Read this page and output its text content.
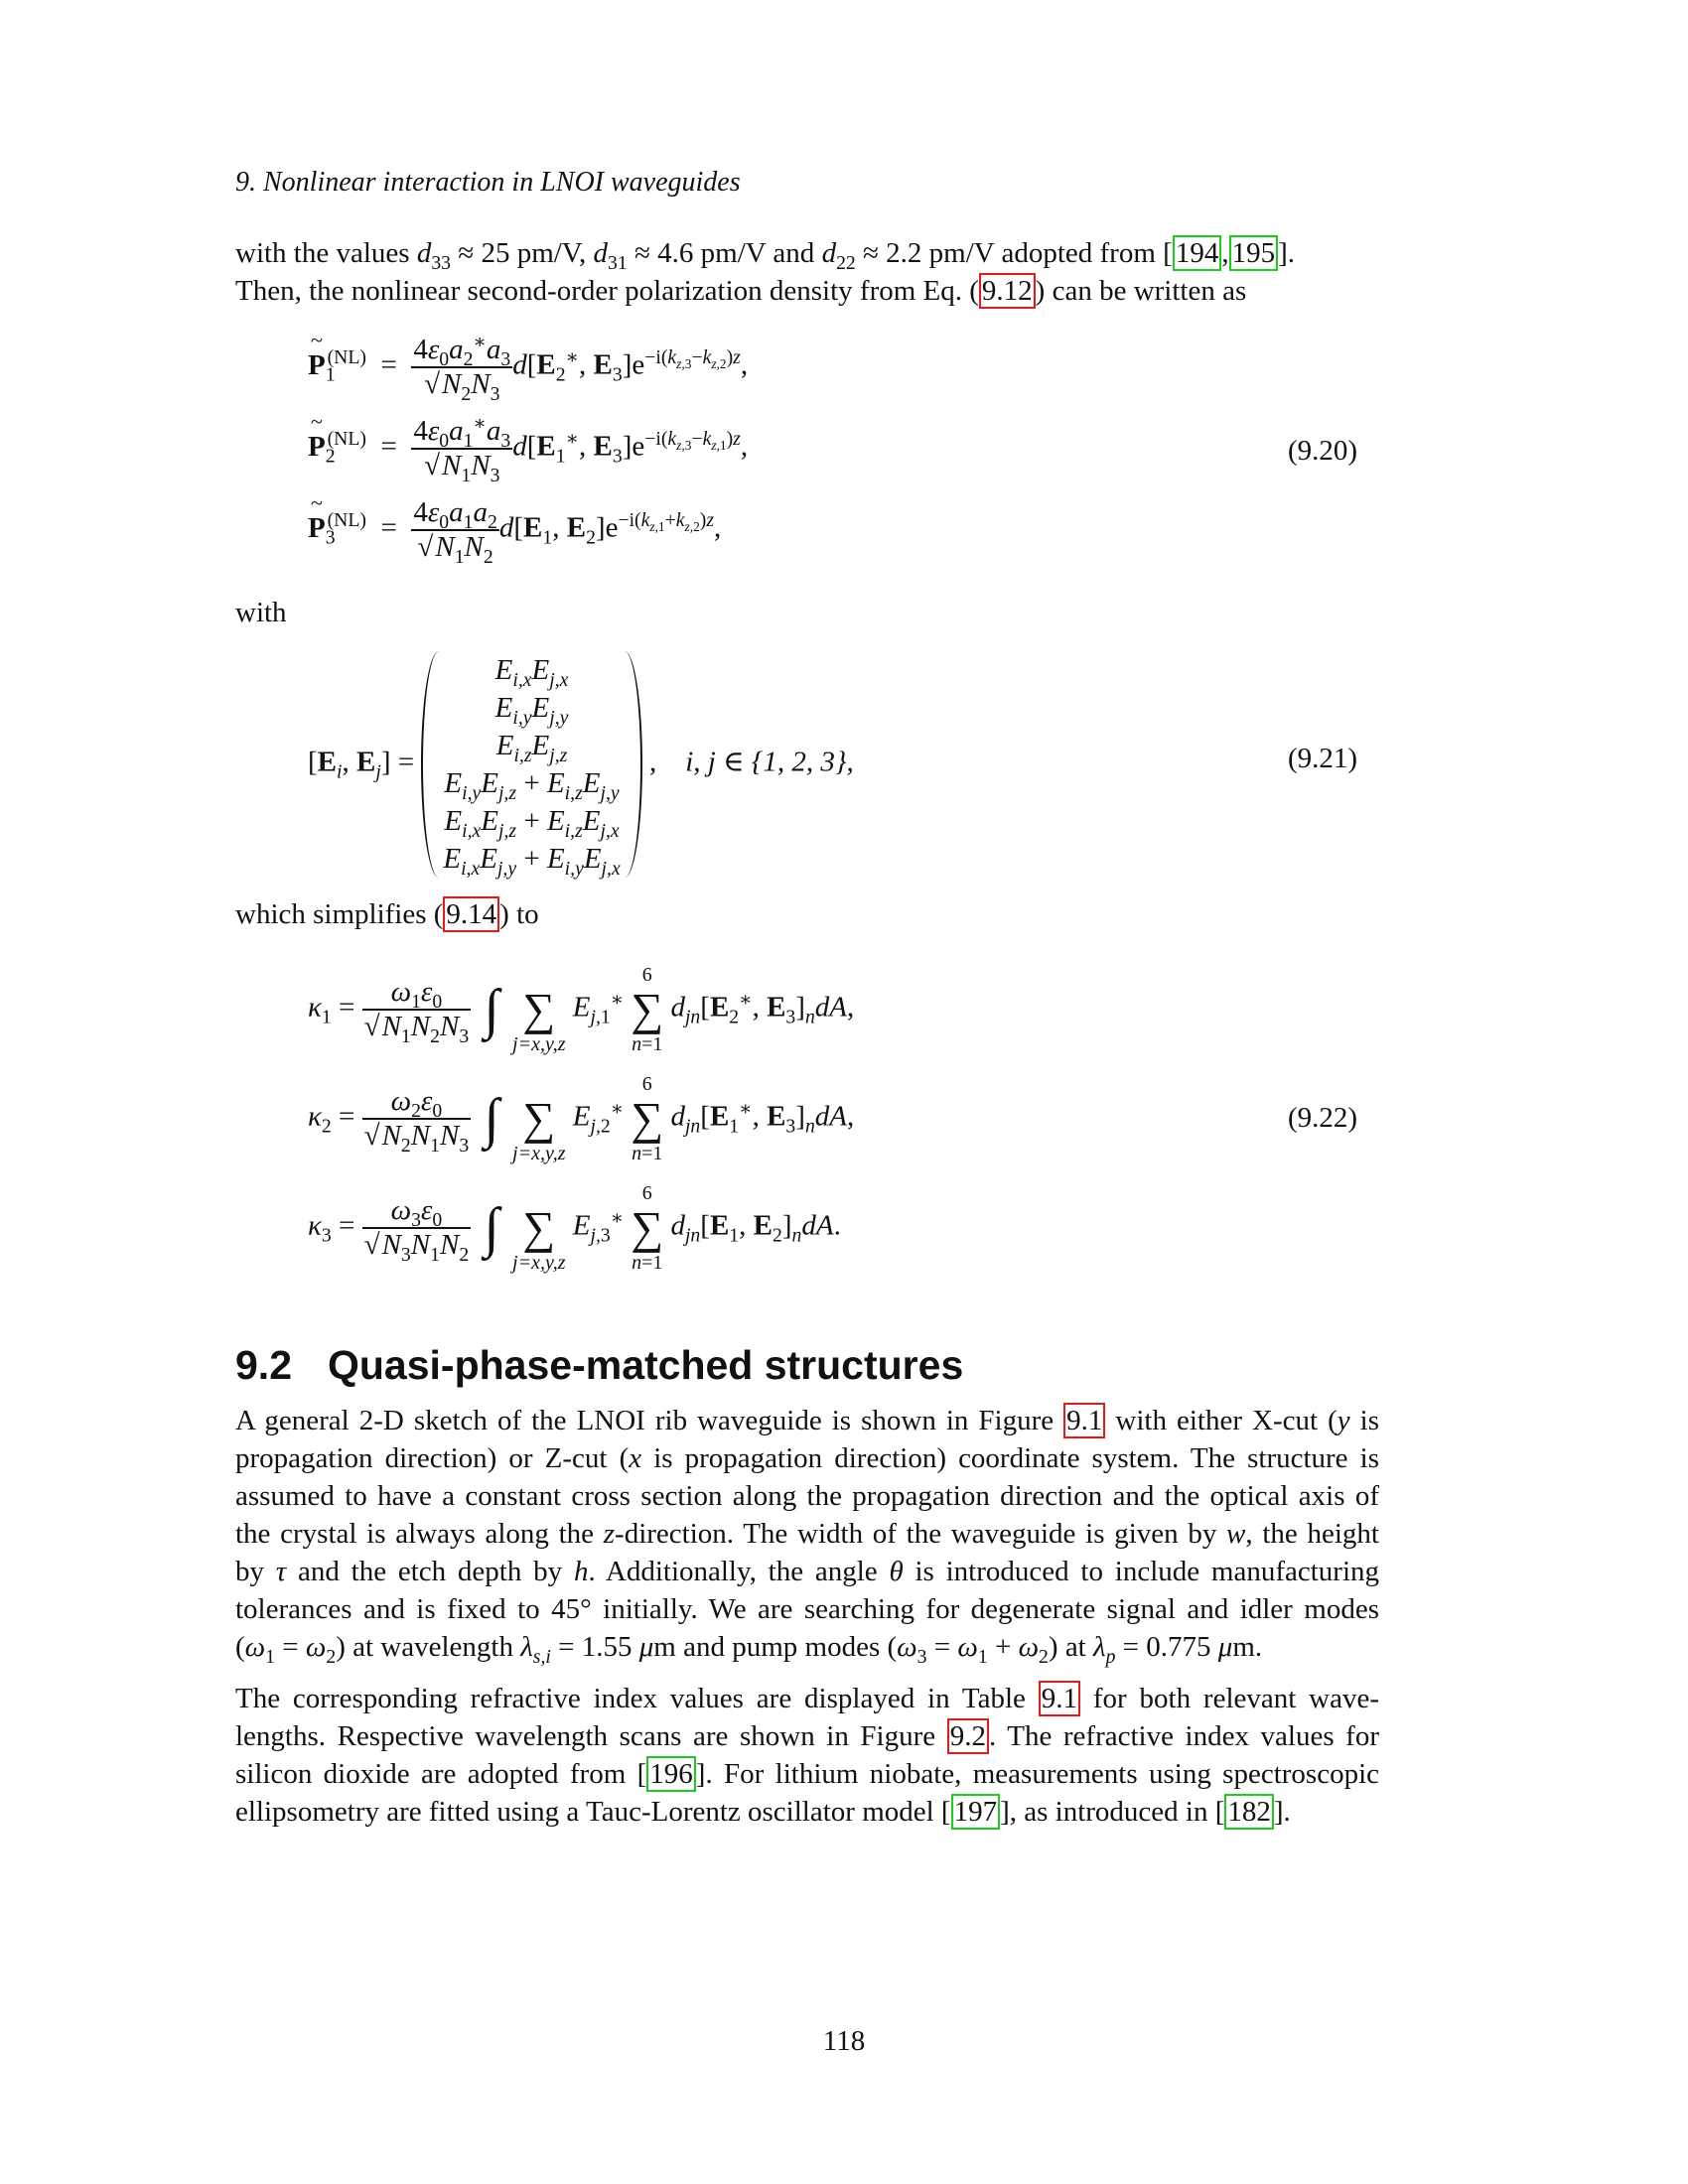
9. Nonlinear interaction in LNOI waveguides
with the values $d_{33} \approx 25$ pm/V, $d_{31} \approx 4.6$ pm/V and $d_{22} \approx 2.2$ pm/V adopted from [ 194 , 195 ].
Then, the nonlinear second-order polarization density from Eq. ( 9.12 ) can be written as
~ $P_1^{(NL)} = \frac{4\varepsilon_0a_2^∗a_3}{√N_2N_3} d[E_2^∗$, $E_3]e^{-i(k_{z,3}-k_{z,2})z}$,
~ $P_2^{(NL)} = \frac{4\varepsilon_0a_1^∗a_3}{√N_1N_3} d[E_1^∗$, $E_3]e^{-i(k_{z,3}-k_{z,1})z}$,
~ $P_3^{(NL)} = \frac{4\varepsilon_0a_1a_2}{√N_1N_2} d[E_1$, $E_2]e^{-i(k_{z,1}+k_{z,2})z}$,
(9.20)
with
[$E_i$, $E_j$] =
$E_{i,x}E_{j,x}$
$E_{i,y}E_{j,y}$
$E_{i,z}E_{j,z}$
$E_{i,y}E_{j,z} + E_{i,z}E_{j,y}$
$E_{i,x}E_{j,z} + E_{i,z}E_{j,x}$
$E_{i,x}E_{j,y} + E_{i,y}E_{j,x}$
,    i, j ∈ {1, 2, 3},	(9.21)
which simplifies ( 9.14 ) to
$\kappa_1 = \frac{\omega_1\varepsilon_0}{√N_1N_2N_3}$ ∫
∑
j=x,y,z
$E_{j,1}^∗$
6
∑
n=1
$d_{jn}[E_2^∗$, $E_3]_ndA$,
$\kappa_2 = \frac{\omega_2\varepsilon_0}{√N_2N_1N_3}$ ∫
∑
j=x,y,z
$E_{j,2}^∗$
6
∑
n=1
$d_{jn}[E_1^∗$, $E_3]_ndA$,
$\kappa_3 = \frac{\omega_3\varepsilon_0}{√N_3N_1N_2}$ ∫
∑
j=x,y,z
$E_{j,3}^∗$
6
∑
n=1
$d_{jn}[E_1$, $E_2]_ndA$.
(9.22)
9.2 Quasi-phase-matched structures
A general 2-D sketch of the LNOI rib waveguide is shown in Figure 9.1 with either X-cut (y is
propagation direction) or Z-cut (x is propagation direction) coordinate system. The structure is
assumed to have a constant cross section along the propagation direction and the optical axis of
the crystal is always along the z-direction. The width of the waveguide is given by w, the height
by τ and the etch depth by h. Additionally, the angle θ is introduced to include manufacturing
tolerances and is fixed to 45° initially. We are searching for degenerate signal and idler modes
$(\omega_1 = \omega_2)$ at wavelength $\lambda_{s,i} = 1.55$ μm and pump modes $(\omega_3 = \omega_1 + \omega_2)$ at $\lambda_p = 0.775$ μm.
The corresponding refractive index values are displayed in Table 9.1 for both relevant wave-
lengths. Respective wavelength scans are shown in Figure 9.2 . The refractive index values for
silicon dioxide are adopted from [ 196 ]. For lithium niobate, measurements using spectroscopic
ellipsometry are fitted using a Tauc-Lorentz oscillator model [ 197 ], as introduced in [ 182 ].
118
